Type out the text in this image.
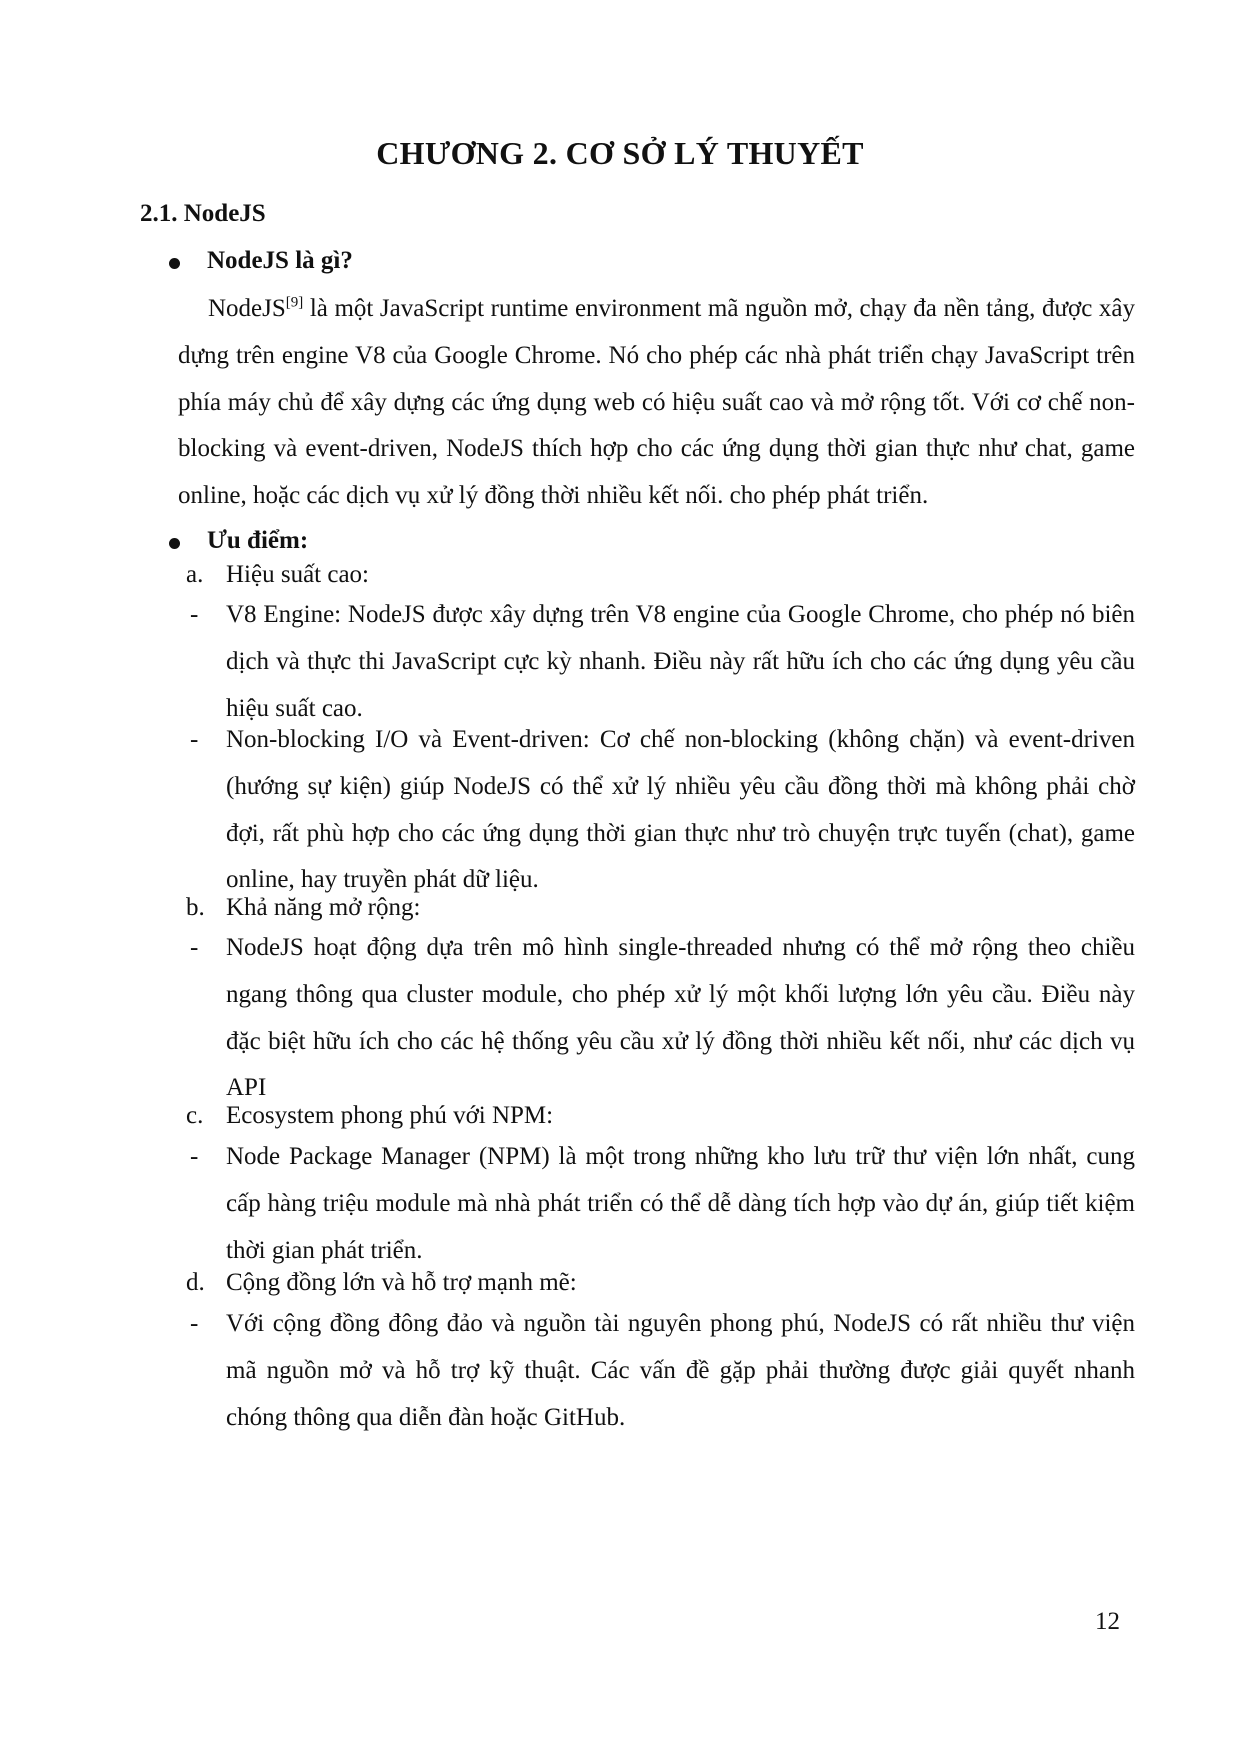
CHƯƠNG 2. CƠ SỞ LÝ THUYẾT
2.1. NodeJS
NodeJS là gì?
NodeJS[9] là một JavaScript runtime environment mã nguồn mở, chạy đa nền tảng, được xây dựng trên engine V8 của Google Chrome. Nó cho phép các nhà phát triển chạy JavaScript trên phía máy chủ để xây dựng các ứng dụng web có hiệu suất cao và mở rộng tốt. Với cơ chế non-blocking và event-driven, NodeJS thích hợp cho các ứng dụng thời gian thực như chat, game online, hoặc các dịch vụ xử lý đồng thời nhiều kết nối. cho phép phát triển.
Ưu điểm:
a. Hiệu suất cao:
- V8 Engine: NodeJS được xây dựng trên V8 engine của Google Chrome, cho phép nó biên dịch và thực thi JavaScript cực kỳ nhanh. Điều này rất hữu ích cho các ứng dụng yêu cầu hiệu suất cao.
- Non-blocking I/O và Event-driven: Cơ chế non-blocking (không chặn) và event-driven (hướng sự kiện) giúp NodeJS có thể xử lý nhiều yêu cầu đồng thời mà không phải chờ đợi, rất phù hợp cho các ứng dụng thời gian thực như trò chuyện trực tuyến (chat), game online, hay truyền phát dữ liệu.
b. Khả năng mở rộng:
- NodeJS hoạt động dựa trên mô hình single-threaded nhưng có thể mở rộng theo chiều ngang thông qua cluster module, cho phép xử lý một khối lượng lớn yêu cầu. Điều này đặc biệt hữu ích cho các hệ thống yêu cầu xử lý đồng thời nhiều kết nối, như các dịch vụ API
c. Ecosystem phong phú với NPM:
- Node Package Manager (NPM) là một trong những kho lưu trữ thư viện lớn nhất, cung cấp hàng triệu module mà nhà phát triển có thể dễ dàng tích hợp vào dự án, giúp tiết kiệm thời gian phát triển.
d. Cộng đồng lớn và hỗ trợ mạnh mẽ:
- Với cộng đồng đông đảo và nguồn tài nguyên phong phú, NodeJS có rất nhiều thư viện mã nguồn mở và hỗ trợ kỹ thuật. Các vấn đề gặp phải thường được giải quyết nhanh chóng thông qua diễn đàn hoặc GitHub.
12
